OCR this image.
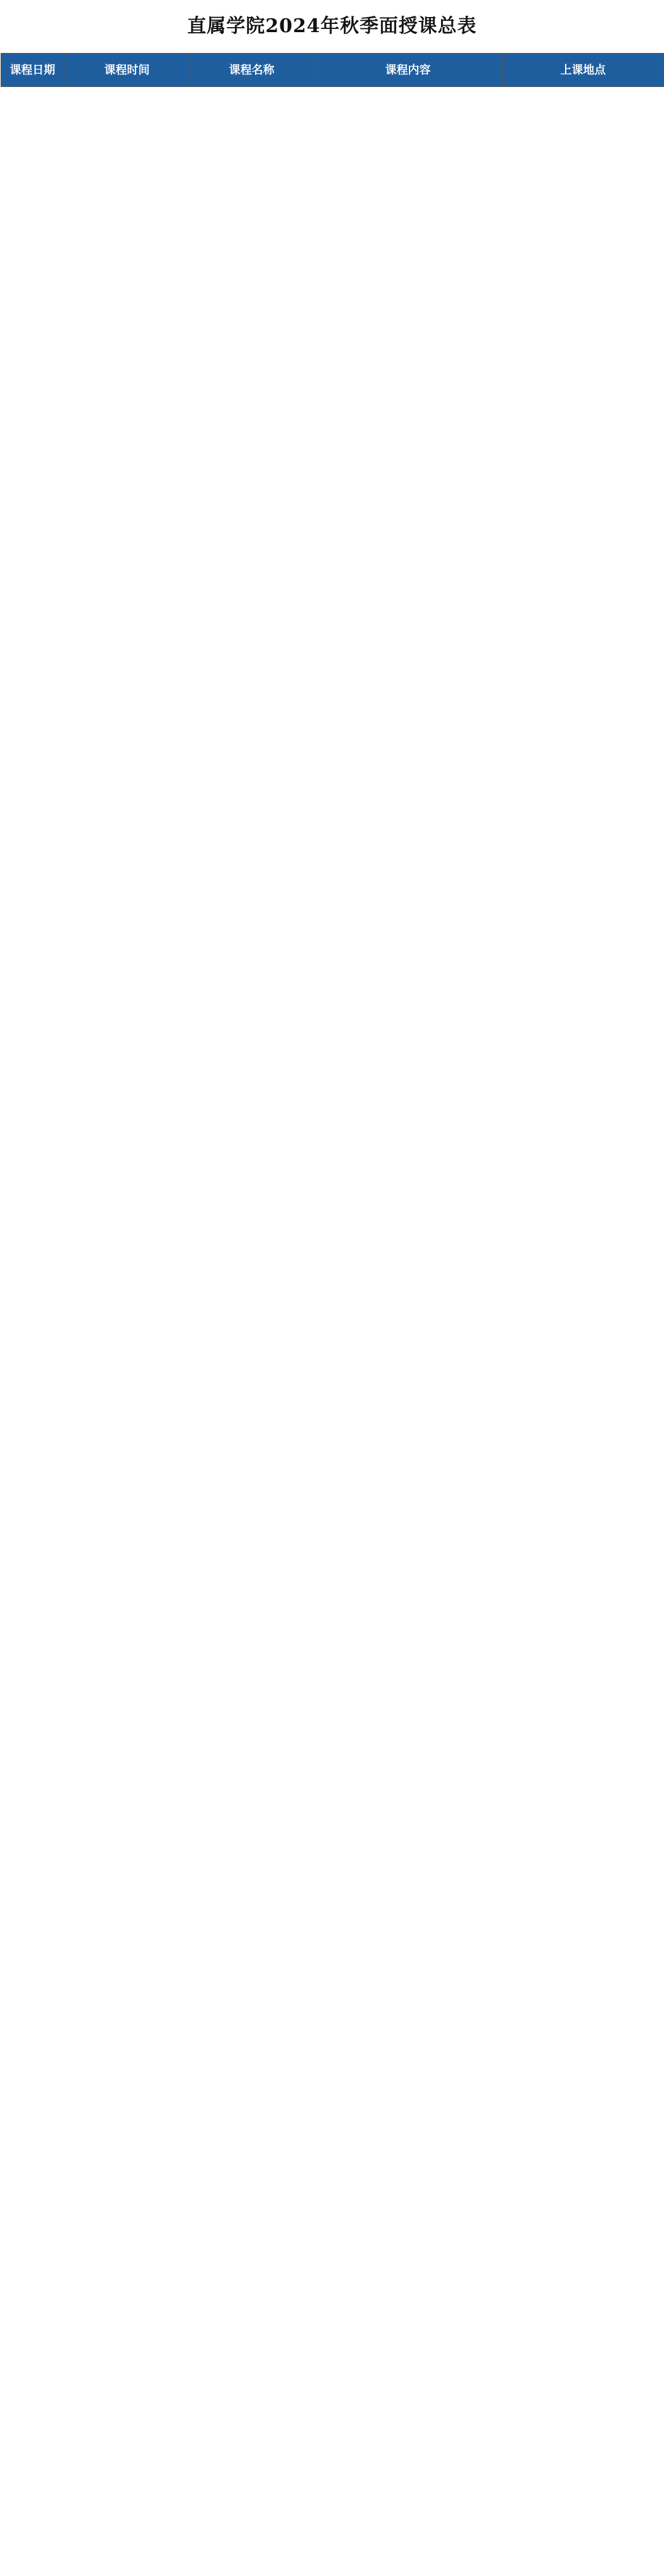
直属学院2024年秋季面授课总表
课程日期	课程时间	课程名称	课程内容	上课地点
